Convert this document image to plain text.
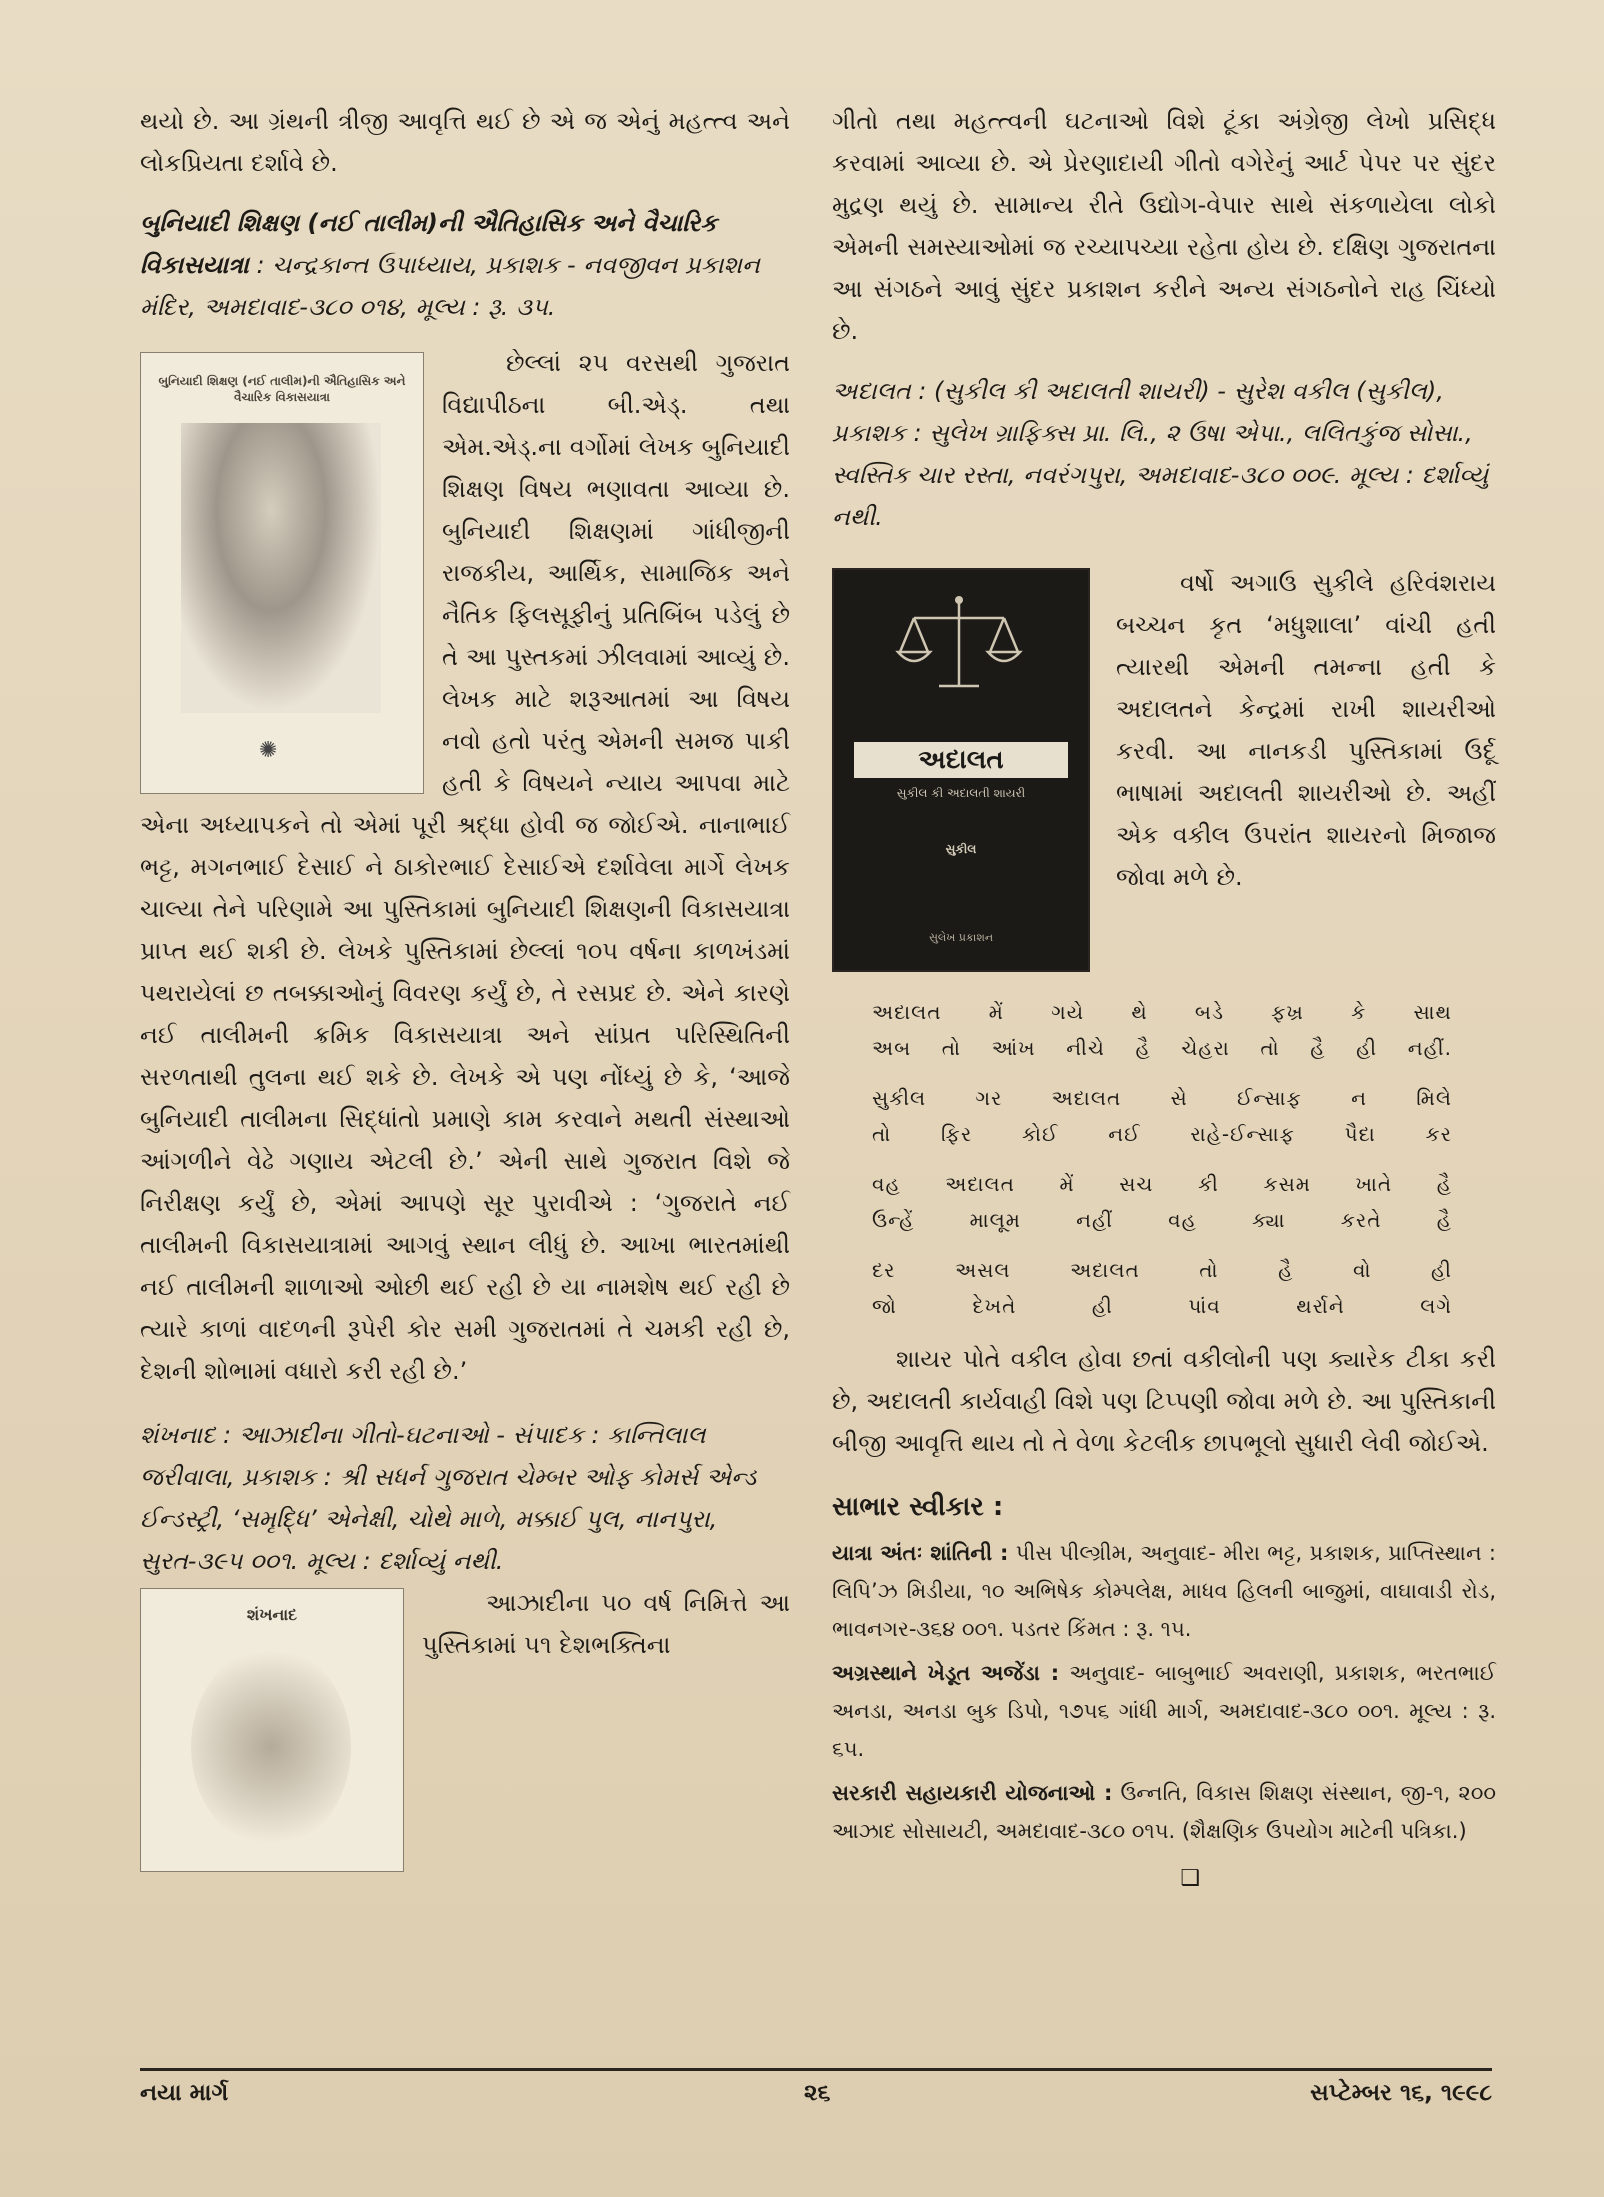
થયો છે. આ ગ્રંથની ત્રીજી આવૃત્તિ થઈ છે એ જ એનું મહત્ત્વ અને લોકપ્રિયતા દર્શાવે છે.

બુનિયાદી શિક્ષણ (નઈ તાલીમ)ની ઐતિહાસિક અને વૈચારિક વિકાસયાત્રા : ચન્દ્રકાન્ત ઉપાધ્યાય, પ્રકાશક - નવજીવન પ્રકાશન મંદિર, અમદાવાદ-૩૮૦ ૦૧૪, મૂલ્ય : રૂ. ૩૫.

બુનિયાદી શિક્ષણ (નઈ તાલીમ)ની ઐતિહાસિક અને વૈચારિક વિકાસયાત્રા
✺

છેલ્લાં ૨૫ વરસથી ગુજરાત વિદ્યાપીઠના બી.એડ્. તથા એમ.એડ્.ના વર્ગોમાં લેખક બુનિયાદી શિક્ષણ વિષય ભણાવતા આવ્યા છે. બુનિયાદી શિક્ષણમાં ગાંધીજીની રાજકીય, આર્થિક, સામાજિક અને નૈતિક ફિલસૂફીનું પ્રતિબિંબ પડેલું છે તે આ પુસ્તકમાં ઝીલવામાં આવ્યું છે. લેખક માટે શરૂઆતમાં આ વિષય નવો હતો પરંતુ એમની સમજ પાકી હતી કે વિષયને ન્યાય આપવા માટે એના અધ્યાપકને તો એમાં પૂરી શ્રદ્ધા હોવી જ જોઈએ. નાનાભાઈ ભટ્ટ, મગનભાઈ દેસાઈ ને ઠાકોરભાઈ દેસાઈએ દર્શાવેલા માર્ગે લેખક ચાલ્યા તેને પરિણામે આ પુસ્તિકામાં બુનિયાદી શિક્ષણની વિકાસયાત્રા પ્રાપ્ત થઈ શકી છે. લેખકે પુસ્તિકામાં છેલ્લાં ૧૦૫ વર્ષના કાળખંડમાં પથરાયેલાં છ તબક્કાઓનું વિવરણ કર્યું છે, તે રસપ્રદ છે. એને કારણે નઈ તાલીમની ક્રમિક વિકાસયાત્રા અને સાંપ્રત પરિસ્થિતિની સરળતાથી તુલના થઈ શકે છે. લેખકે એ પણ નોંધ્યું છે કે, ‘આજે બુનિયાદી તાલીમના સિદ્ધાંતો પ્રમાણે કામ કરવાને મથતી સંસ્થાઓ આંગળીને વેઢે ગણાય એટલી છે.’ એની સાથે ગુજરાત વિશે જે નિરીક્ષણ કર્યું છે, એમાં આપણે સૂર પુરાવીએ : ‘ગુજરાતે નઈ તાલીમની વિકાસયાત્રામાં આગવું સ્થાન લીધું છે. આખા ભારતમાંથી નઈ તાલીમની શાળાઓ ઓછી થઈ રહી છે યા નામશેષ થઈ રહી છે ત્યારે કાળાં વાદળની રૂપેરી કોર સમી ગુજરાતમાં તે ચમકી રહી છે, દેશની શોભામાં વધારો કરી રહી છે.’

શંખનાદ : આઝાદીના ગીતો-ઘટનાઓ - સંપાદક : કાન્તિલાલ જરીવાલા, પ્રકાશક : શ્રી સધર્ન ગુજરાત ચેમ્બર ઓફ કોમર્સ એન્ડ ઈન્ડસ્ટ્રી, ‘સમૃદ્ધિ’ એનેક્ષી, ચોથે માળે, મક્કાઈ પુલ, નાનપુરા, સુરત-૩૯૫ ૦૦૧. મૂલ્ય : દર્શાવ્યું નથી.

શંખનાદ	આઝાદીના ૫૦ વર્ષ નિમિત્તે આ પુસ્તિકામાં ૫૧ દેશભક્તિના

ગીતો તથા મહત્ત્વની ઘટનાઓ વિશે ટૂંકા અંગ્રેજી લેખો પ્રસિદ્ધ કરવામાં આવ્યા છે. એ પ્રેરણાદાયી ગીતો વગેરેનું આર્ટ પેપર પર સુંદર મુદ્રણ થયું છે. સામાન્ય રીતે ઉદ્યોગ-વેપાર સાથે સંકળાયેલા લોકો એમની સમસ્યાઓમાં જ રચ્યાપચ્યા રહેતા હોય છે. દક્ષિણ ગુજરાતના આ સંગઠને આવું સુંદર પ્રકાશન કરીને અન્ય સંગઠનોને રાહ ચિંધ્યો છે.

અદાલત : (સુકીલ કી અદાલતી શાયરી) - સુરેશ વકીલ (સુકીલ), પ્રકાશક : સુલેખ ગ્રાફિક્સ પ્રા. લિ., ૨ ઉષા એપા., લલિતકુંજ સોસા., સ્વસ્તિક ચાર રસ્તા, નવરંગપુરા, અમદાવાદ-૩૮૦ ૦૦૯. મૂલ્ય : દર્શાવ્યું નથી.

અદાલત
સુકીલ કી અદાલતી શાયરી
સુકીલ
સુલેખ પ્રકાશન

વર્ષો અગાઉ સુકીલે હરિવંશરાય બચ્ચન કૃત ‘મધુશાલા’ વાંચી હતી ત્યારથી એમની તમન્ના હતી કે અદાલતને કેન્દ્રમાં રાખી શાયરીઓ કરવી. આ નાનકડી પુસ્તિકામાં ઉર્દૂ ભાષામાં અદાલતી શાયરીઓ છે. અહીં એક વકીલ ઉપરાંત શાયરનો મિજાજ જોવા મળે છે.

અદાલત મેં ગયે થે બડે ફખ્ર કે સાથ
અબ તો આંખ નીચે હૈ ચેહરા તો હૈ હી નહીં.
સુકીલ ગર અદાલત સે ઈન્સાફ ન મિલે
તો ફિર કોઈ નઈ રાહે-ઈન્સાફ પૈદા કર
વહ અદાલત મેં સચ કી કસમ ખાતે હૈ
ઉન્હેં	માલૂમ	નહીં	વહ	ક્યા	કરતે	હૈ
દર	અસલ	અદાલત	તો	હૈ	વો	હી
જો	દેખતે	હી	પાંવ	થર્રાને	લગે

શાયર પોતે વકીલ હોવા છતાં વકીલોની પણ ક્યારેક ટીકા કરી છે, અદાલતી કાર્યવાહી વિશે પણ ટિપ્પણી જોવા મળે છે. આ પુસ્તિકાની બીજી આવૃત્તિ થાય તો તે વેળા કેટલીક છાપભૂલો સુધારી લેવી જોઈએ.

સાભાર સ્વીકાર :

યાત્રા અંતઃ શાંતિની : પીસ પીલ્ગ્રીમ, અનુવાદ- મીરા ભટ્ટ, પ્રકાશક, પ્રાપ્તિસ્થાન : લિપિ’ઝ મિડીયા, ૧૦ અભિષેક કોમ્પલેક્ષ, માધવ હિલની બાજુમાં, વાઘાવાડી રોડ, ભાવનગર-૩૬૪ ૦૦૧. પડતર કિંમત : રૂ. ૧૫.

અગ્રસ્થાને ખેડૂત અજેંડા : અનુવાદ- બાબુભાઈ અવરાણી, પ્રકાશક, ભરતભાઈ અનડા, અનડા બુક ડિપો, ૧૭૫૬ ગાંધી માર્ગ, અમદાવાદ-૩૮૦ ૦૦૧. મૂલ્ય : રૂ. ૬૫.

સરકારી સહાયકારી યોજનાઓ : ઉન્નતિ, વિકાસ શિક્ષણ સંસ્થાન, જી-૧, ૨૦૦ આઝાદ સોસાયટી, અમદાવાદ-૩૮૦ ૦૧૫. (શૈક્ષણિક ઉપયોગ માટેની પત્રિકા.)

❑
નયા માર્ગ	૨૬	સપ્ટેમ્બર ૧૬, ૧૯૯૮
